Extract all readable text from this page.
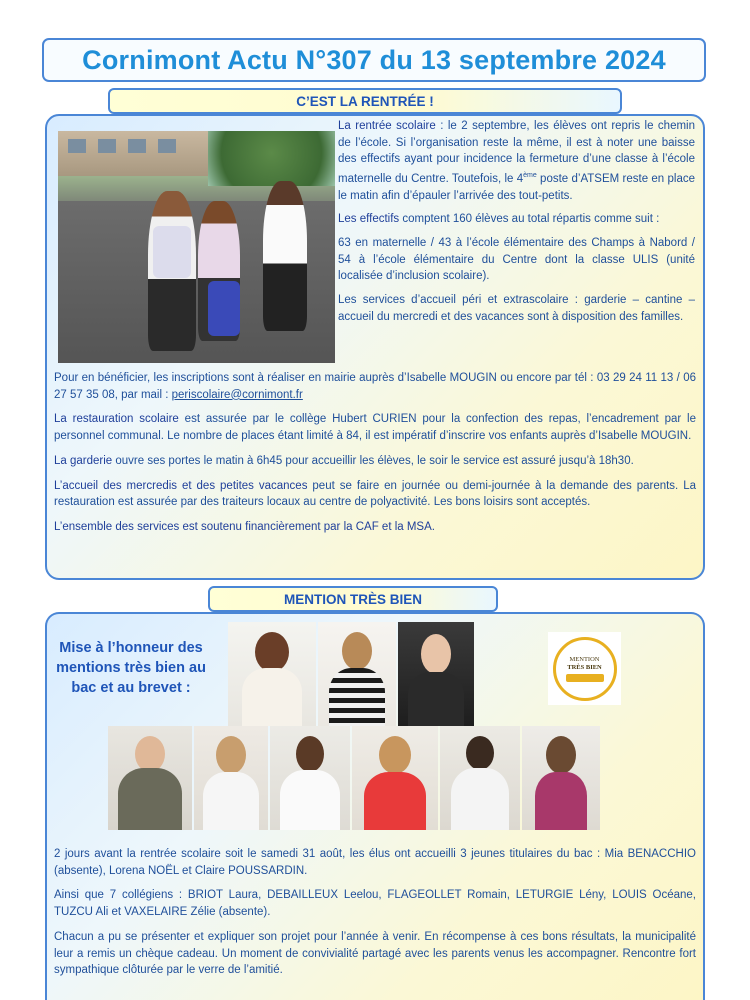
Cornimont Actu N°307 du 13 septembre 2024
C’EST LA RENTRÉE !

La rentrée scolaire : le 2 septembre, les élèves ont repris le chemin de l’école. Si l’organisation reste la même, il est à noter une baisse des effectifs ayant pour incidence la fermeture d’une classe à l’école maternelle du Centre. Toutefois, le 4ème poste d’ATSEM reste en place le matin afin d’épauler l’arrivée des tout-petits.

Les effectifs comptent 160 élèves au total répartis comme suit :

63 en maternelle / 43 à l’école élémentaire des Champs à Nabord / 54 à l’école élémentaire du Centre dont la classe ULIS (unité localisée d’inclusion scolaire).

Les services d’accueil péri et extrascolaire : garderie – cantine – accueil du mercredi et des vacances sont à disposition des familles.

Pour en bénéficier, les inscriptions sont à réaliser en mairie auprès d’Isabelle MOUGIN ou encore par tél : 03 29 24 11 13 / 06 27 57 35 08, par mail : periscolaire@cornimont.fr

La restauration scolaire est assurée par le collège Hubert CURIEN pour la confection des repas, l’encadrement par le personnel communal. Le nombre de places étant limité à 84, il est impératif d’inscrire vos enfants auprès d’Isabelle MOUGIN.

La garderie ouvre ses portes le matin à 6h45 pour accueillir les élèves, le soir le service est assuré jusqu’à 18h30.

L’accueil des mercredis et des petites vacances peut se faire en journée ou demi-journée à la demande des parents. La restauration est assurée par des traiteurs locaux au centre de polyactivité. Les bons loisirs sont acceptés.

L’ensemble des services est soutenu financièrement par la CAF et la MSA.

MENTION TRÈS BIEN
Mise à l’honneur des mentions très bien au bac et au brevet :
MENTION
TRÈS BIEN

2 jours avant la rentrée scolaire soit le samedi 31 août, les élus ont accueilli 3 jeunes titulaires du bac : Mia BENACCHIO (absente), Lorena NOËL et Claire POUSSARDIN.

Ainsi que 7 collégiens : BRIOT Laura, DEBAILLEUX Leelou, FLAGEOLLET Romain, LETURGIE Lény, LOUIS Océane, TUZCU Ali et VAXELAIRE Zélie (absente).

Chacun a pu se présenter et expliquer son projet pour l’année à venir. En récompense à ces bons résultats, la municipalité leur a remis un chèque cadeau. Un moment de convivialité partagé avec les parents venus les accompagner. Rencontre fort sympathique clôturée par le verre de l’amitié.
